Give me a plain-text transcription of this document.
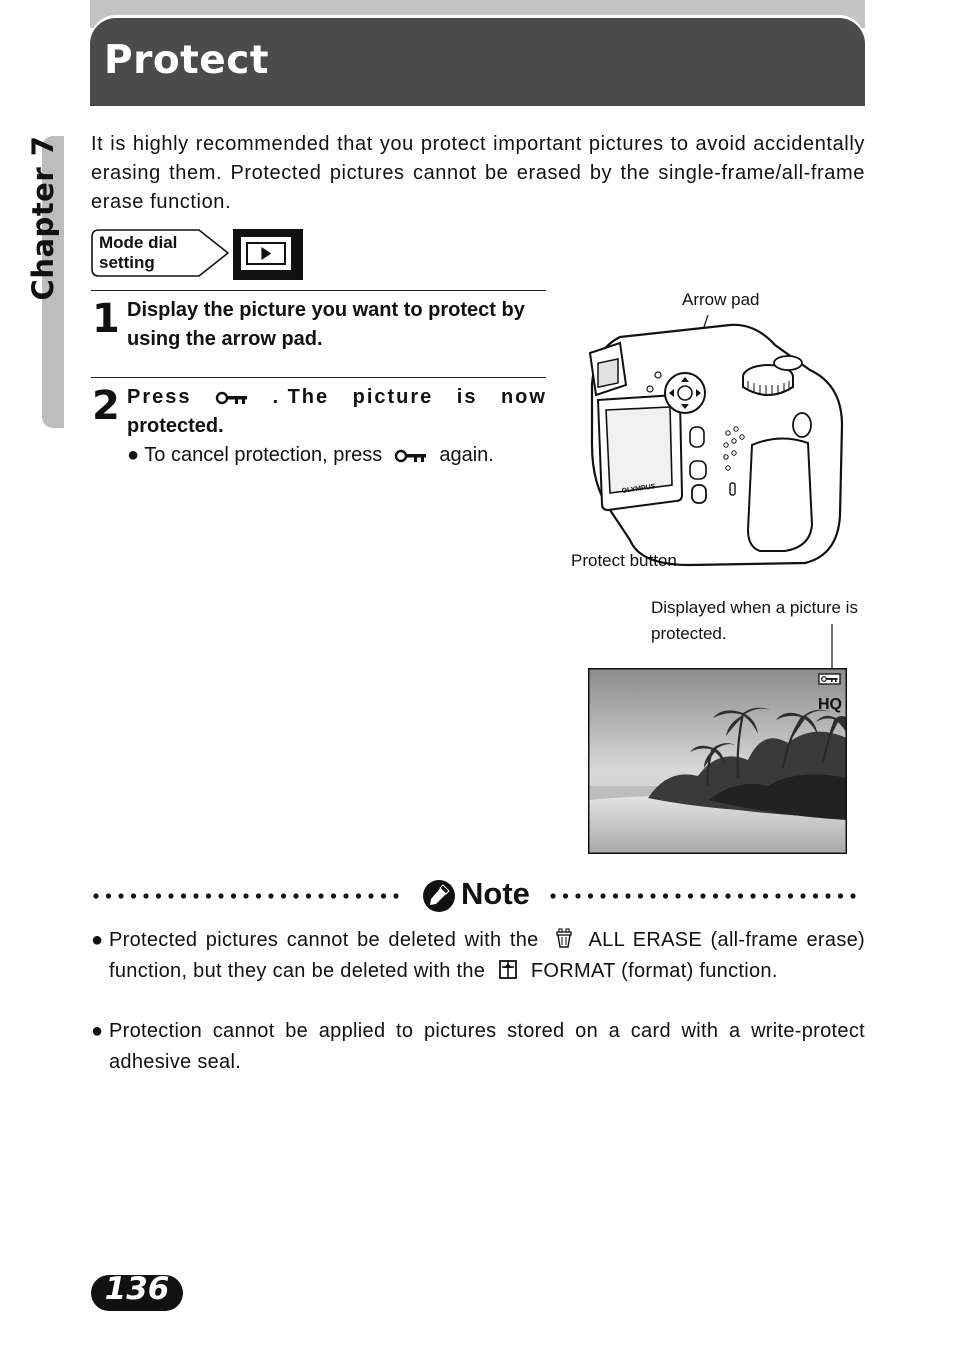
Protect
Chapter 7 It is highly recommended that you protect important pictures to avoid accidentally erasing them. Protected pictures cannot be erased by the single-frame/all-frame erase function.
Mode dial
setting
1 Display the picture you want to protect by using the arrow pad.
2 Press	. The picture is now
protected.
● To cancel protection, press	again.
Arrow pad
OLYMPUS
Protect button
Displayed when a picture is protected.
HQ
Note
● Protected pictures cannot be deleted with the ALL ERASE (all-frame erase) function, but they can be deleted with the FORMAT (format) function.
● Protection cannot be applied to pictures stored on a card with a write-protect adhesive seal.
136
